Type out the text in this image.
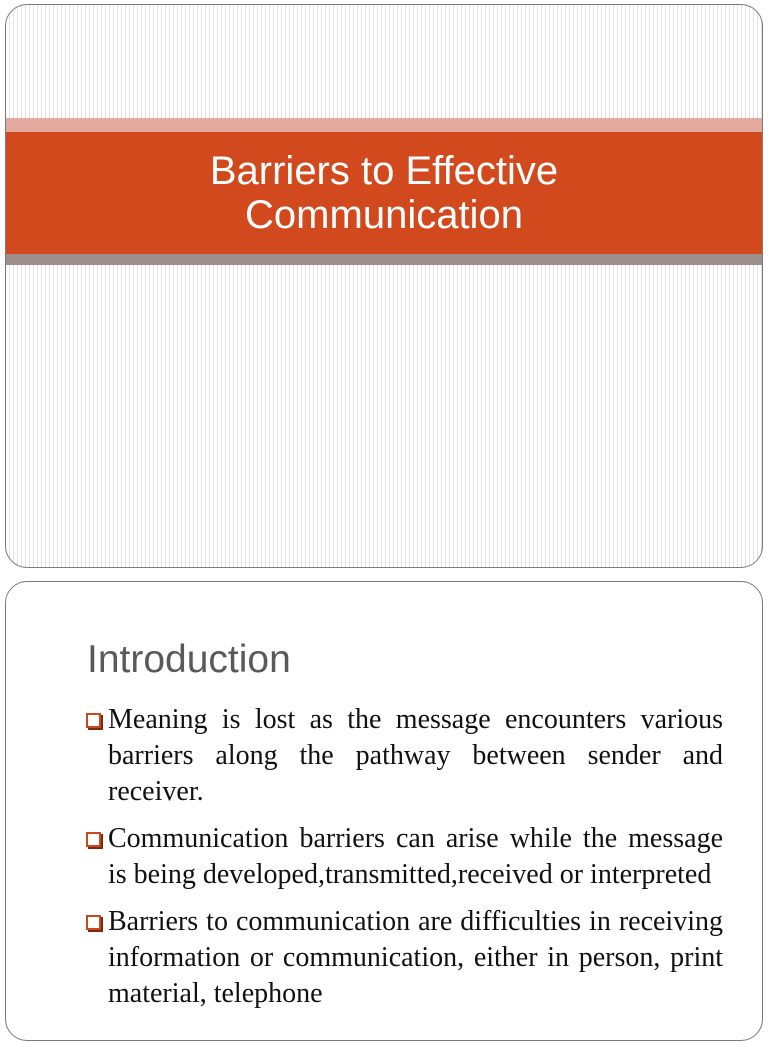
Barriers to Effective
Communication
Introduction
Meaning is lost as the message encounters various barriers along the pathway between sender and receiver.
Communication barriers can arise while the message is being developed,transmitted,received or interpreted
Barriers to communication are difficulties in receiving information or communication, either in person, print material, telephone
